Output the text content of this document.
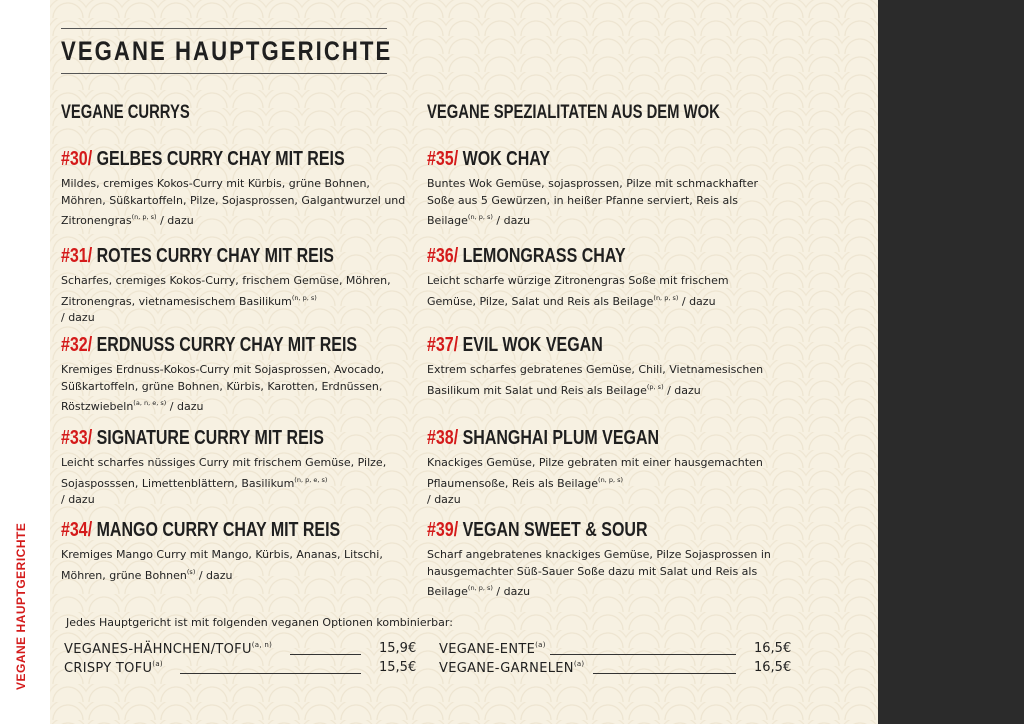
VEGANE HAUPTGERICHTE
VEGANE HAUPTGERICHTE
VEGANE CURRYS
#30/ GELBES CURRY CHAY MIT REIS
Mildes, cremiges Kokos-Curry mit Kürbis, grüne Bohnen, Möhren, Süßkartoffeln, Pilze, Sojasprossen, Galgantwurzel und Zitronengras$^{(n, p, s)}$ / dazu
#31/ ROTES CURRY CHAY MIT REIS
Scharfes, cremiges Kokos-Curry, frischem Gemüse, Möhren, Zitronengras, vietnamesischem Basilikum$^{(n, p, s)}$
/ dazu
#32/ ERDNUSS CURRY CHAY MIT REIS
Kremiges Erdnuss-Kokos-Curry mit Sojasprossen, Avocado, Süßkartoffeln, grüne Bohnen, Kürbis, Karotten, Erdnüssen, Röstzwiebeln$^{(a, n, e, s)}$ / dazu
#33/ SIGNATURE CURRY MIT REIS
Leicht scharfes nüssiges Curry mit frischem Gemüse, Pilze, Sojasposssen, Limettenblättern, Basilikum$^{(n, p, e, s)}$
/ dazu
#34/ MANGO CURRY CHAY MIT REIS
Kremiges Mango Curry mit Mango, Kürbis, Ananas, Litschi, Möhren, grüne Bohnen$^{(s)}$ / dazu
VEGANE SPEZIALITATEN AUS DEM WOK
#35/ WOK CHAY
Buntes Wok Gemüse, sojasprossen, Pilze mit schmackhafter Soße aus 5 Gewürzen, in heißer Pfanne serviert, Reis als Beilage$^{(n, p, s)}$ / dazu
#36/ LEMONGRASS CHAY
Leicht scharfe würzige Zitronengras Soße mit frischem Gemüse, Pilze, Salat und Reis als Beilage$^{(n, p, s)}$ / dazu
#37/ EVIL WOK VEGAN
Extrem scharfes gebratenes Gemüse, Chili, Vietnamesischen Basilikum mit Salat und Reis als Beilage$^{(p, s)}$ / dazu
#38/ SHANGHAI PLUM VEGAN
Knackiges Gemüse, Pilze gebraten mit einer hausgemachten Pflaumensoße, Reis als Beilage$^{(n, p, s)}$
/ dazu
#39/ VEGAN SWEET & SOUR
Scharf angebratenes knackiges Gemüse, Pilze Sojasprossen in hausgemachter Süß-Sauer Soße dazu mit Salat und Reis als Beilage$^{(n, p, s)}$ / dazu
Jedes Hauptgericht ist mit folgenden veganen Optionen kombinierbar:
VEGANES-HÄHNCHEN/TOFU$^{(a, n)}$	15,9€
CRISPY TOFU$^{(a)}$	15,5€
VEGANE-ENTE$^{(a)}$	16,5€
VEGANE-GARNELEN$^{(a)}$	16,5€
